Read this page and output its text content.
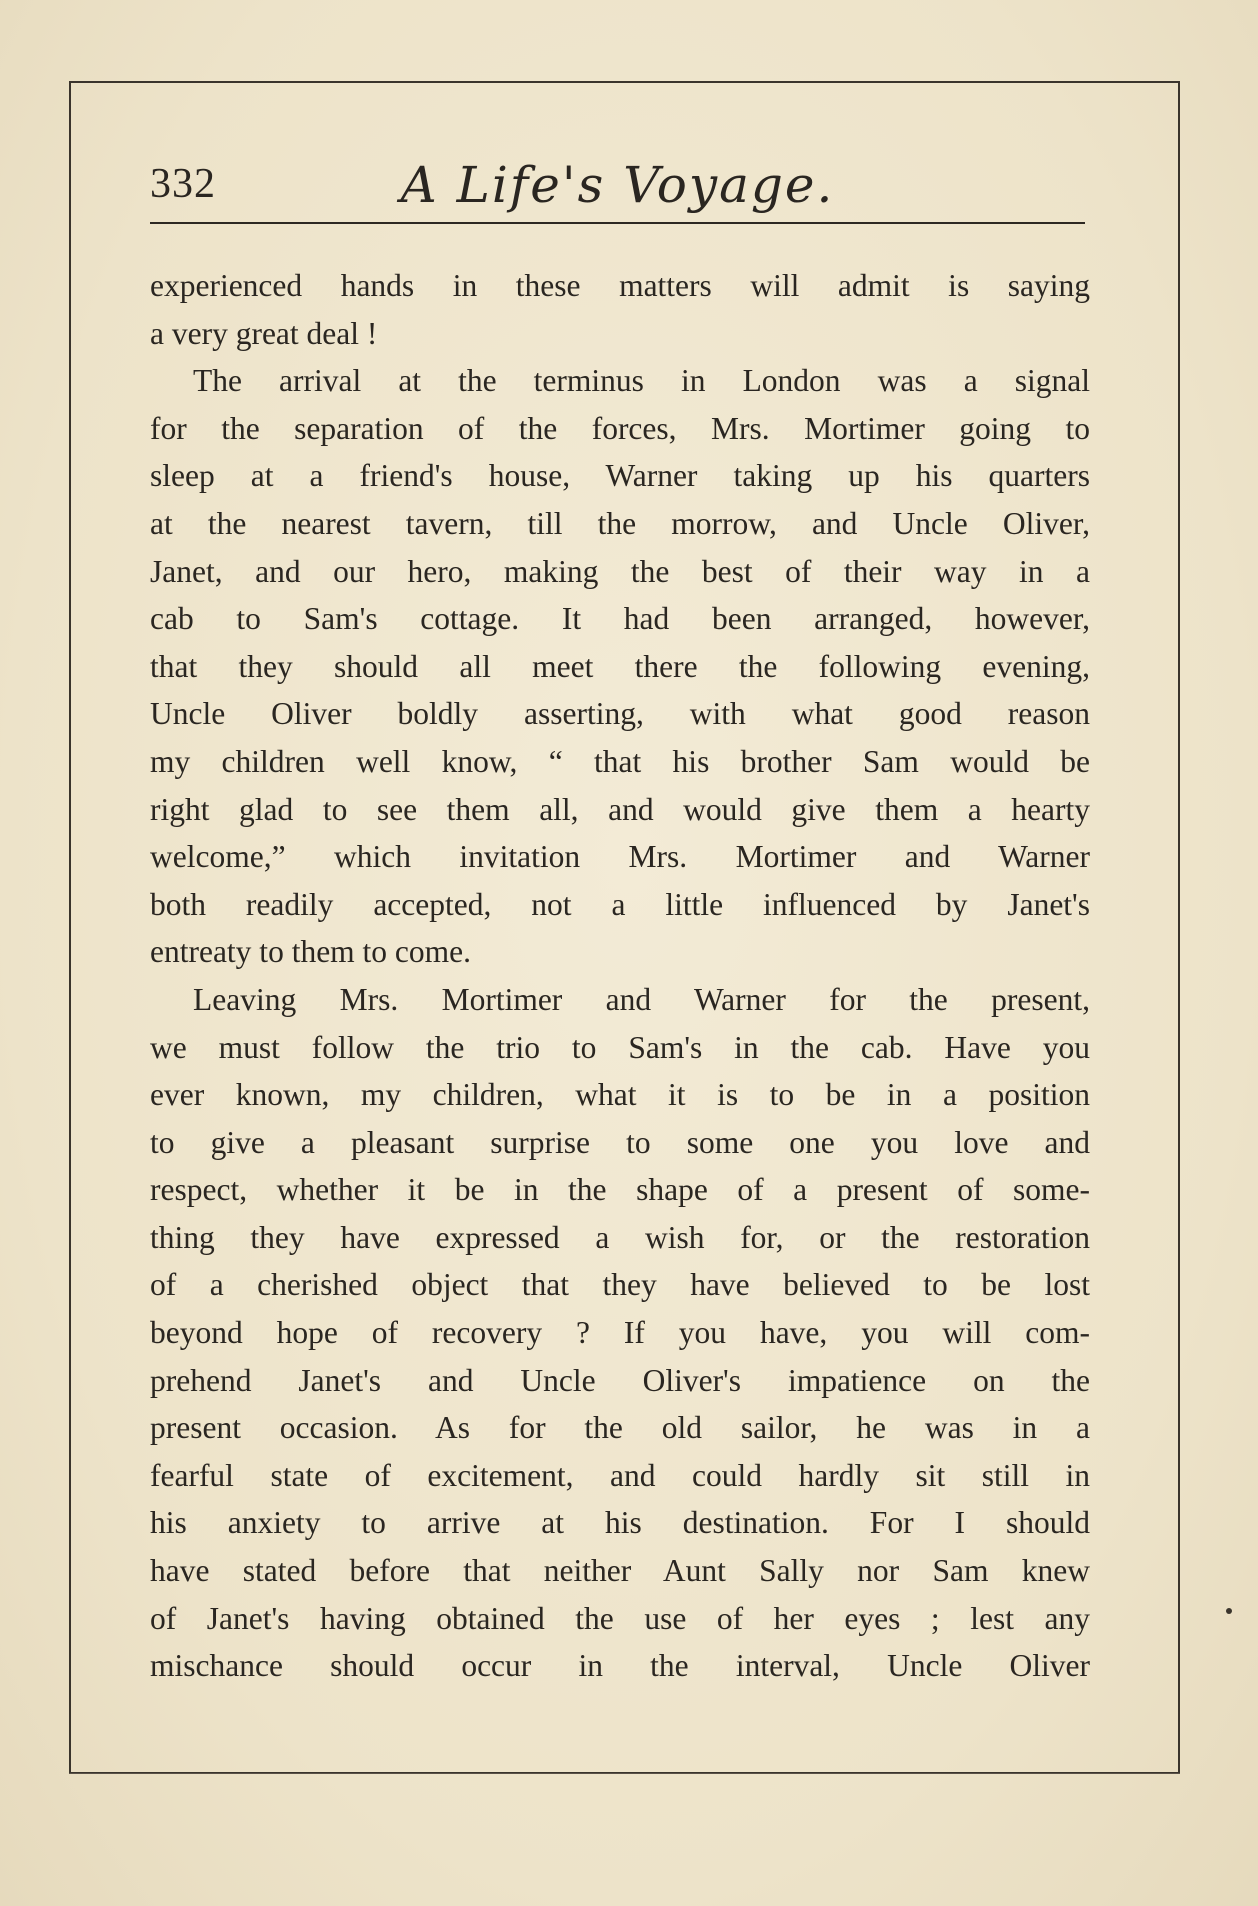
332	A Life's Voyage.
experienced hands in these matters will admit is saying
a very great deal !
The arrival at the terminus in London was a signal
for the separation of the forces, Mrs. Mortimer going to
sleep at a friend's house, Warner taking up his quarters
at the nearest tavern, till the morrow, and Uncle Oliver,
Janet, and our hero, making the best of their way in a
cab to Sam's cottage. It had been arranged, however,
that they should all meet there the following evening,
Uncle Oliver boldly asserting, with what good reason
my children well know, “ that his brother Sam would be
right glad to see them all, and would give them a hearty
welcome,” which invitation Mrs. Mortimer and Warner
both readily accepted, not a little influenced by Janet's
entreaty to them to come.
Leaving Mrs. Mortimer and Warner for the present,
we must follow the trio to Sam's in the cab. Have you
ever known, my children, what it is to be in a position
to give a pleasant surprise to some one you love and
respect, whether it be in the shape of a present of some-
thing they have expressed a wish for, or the restoration
of a cherished object that they have believed to be lost
beyond hope of recovery ? If you have, you will com-
prehend Janet's and Uncle Oliver's impatience on the
present occasion. As for the old sailor, he was in a
fearful state of excitement, and could hardly sit still in
his anxiety to arrive at his destination. For I should
have stated before that neither Aunt Sally nor Sam knew
of Janet's having obtained the use of her eyes ; lest any
mischance should occur in the interval, Uncle Oliver
